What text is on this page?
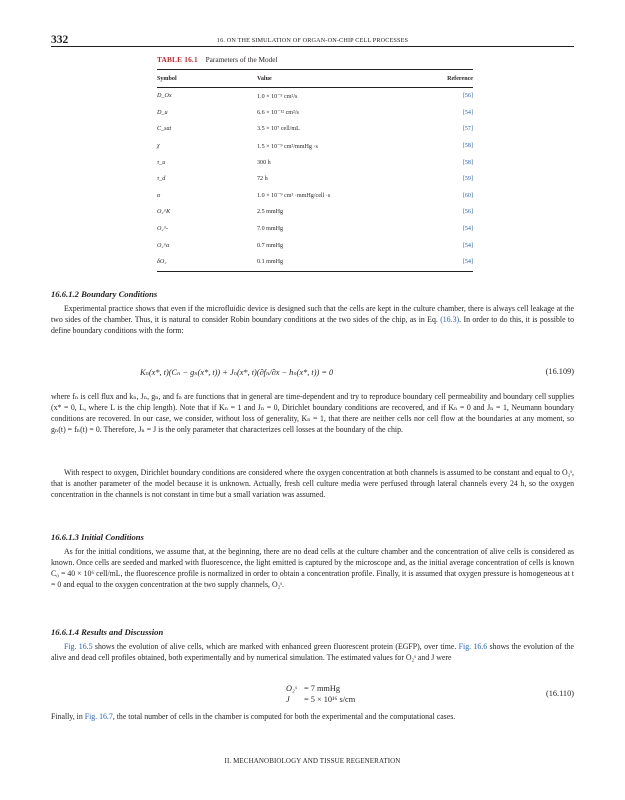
332	16. ON THE SIMULATION OF ORGAN-ON-CHIP CELL PROCESSES
TABLE 16.1 Parameters of the Model
Symbol	Value	Reference
D_Ox	1.0 × 10⁻⁵ cm²/s	[56]
D_u	6.6 × 10⁻¹² cm²/s	[54]
C_sat	3.5 × 10⁷ cell/mL	[57]
χ	1.5 × 10⁻⁹ cm²/mmHg ·s	[58]
τ_u	300 h	[58]
τ_d	72 h	[59]
α	1.0 × 10⁻⁹ cm³ ·mmHg/cell ·s	[60]
O₂^K	2.5 mmHg	[56]
O₂^-	7.0 mmHg	[54]
O₂^a	0.7 mmHg	[54]
δO₂	0.1 mmHg	[54]
16.6.1.2 Boundary Conditions

Experimental practice shows that even if the microfluidic device is designed such that the cells are kept in the culture chamber, there is always cell leakage at the two sides of the chamber. Thus, it is natural to consider Robin boundary conditions at the two sides of the chip, as in Eq. (16.3). In order to do this, it is possible to define boundary conditions with the form:

Kₙ(x*, t)(Cₙ − gₙ(x*, t)) + Jₙ(x*, t)(∂fₙ/∂x − hₙ(x*, t)) = 0	(16.109)

where fₙ is cell flux and kₙ, Jₙ, gₙ, and fₙ are functions that in general are time-dependent and try to reproduce boundary cell permeability and boundary cell supplies (x* = 0, L, where L is the chip length). Note that if Kₙ = 1 and Jₙ = 0, Dirichlet boundary conditions are recovered, and if Kₙ = 0 and Jₙ = 1, Neumann boundary conditions are recovered. In our case, we consider, without loss of generality, Kₙ = 1, that there are neither cells nor cell flow at the boundaries at any moment, so gₙ(t) = fₙ(t) = 0. Therefore, Jₙ = J is the only parameter that characterizes cell losses at the boundary of the chip.

With respect to oxygen, Dirichlet boundary conditions are considered where the oxygen concentration at both channels is assumed to be constant and equal to O₂ˢ, that is another parameter of the model because it is unknown. Actually, fresh cell culture media were perfused through lateral channels every 24 h, so the oxygen concentration in the channels is not constant in time but a small variation was assumed.

16.6.1.3 Initial Conditions

As for the initial conditions, we assume that, at the beginning, there are no dead cells at the culture chamber and the concentration of alive cells is considered as known. Once cells are seeded and marked with fluorescence, the light emitted is captured by the microscope and, as the initial average concentration of cells is known C₀ = 40 × 10⁶ cell/mL, the fluorescence profile is normalized in order to obtain a concentration profile. Finally, it is assumed that oxygen pressure is homogeneous at t = 0 and equal to the oxygen concentration at the two supply channels, O₂ˢ.

16.6.1.4 Results and Discussion

Fig. 16.5 shows the evolution of alive cells, which are marked with enhanced green fluorescent protein (EGFP), over time. Fig. 16.6 shows the evolution of the alive and dead cell profiles obtained, both experimentally and by numerical simulation. The estimated values for O₂ˢ and J were

O₂ˢ = 7 mmHg
J	= 5 × 10¹⁶ s/cm
(16.110)

Finally, in Fig. 16.7, the total number of cells in the chamber is computed for both the experimental and the computational cases.

II. MECHANOBIOLOGY AND TISSUE REGENERATION
